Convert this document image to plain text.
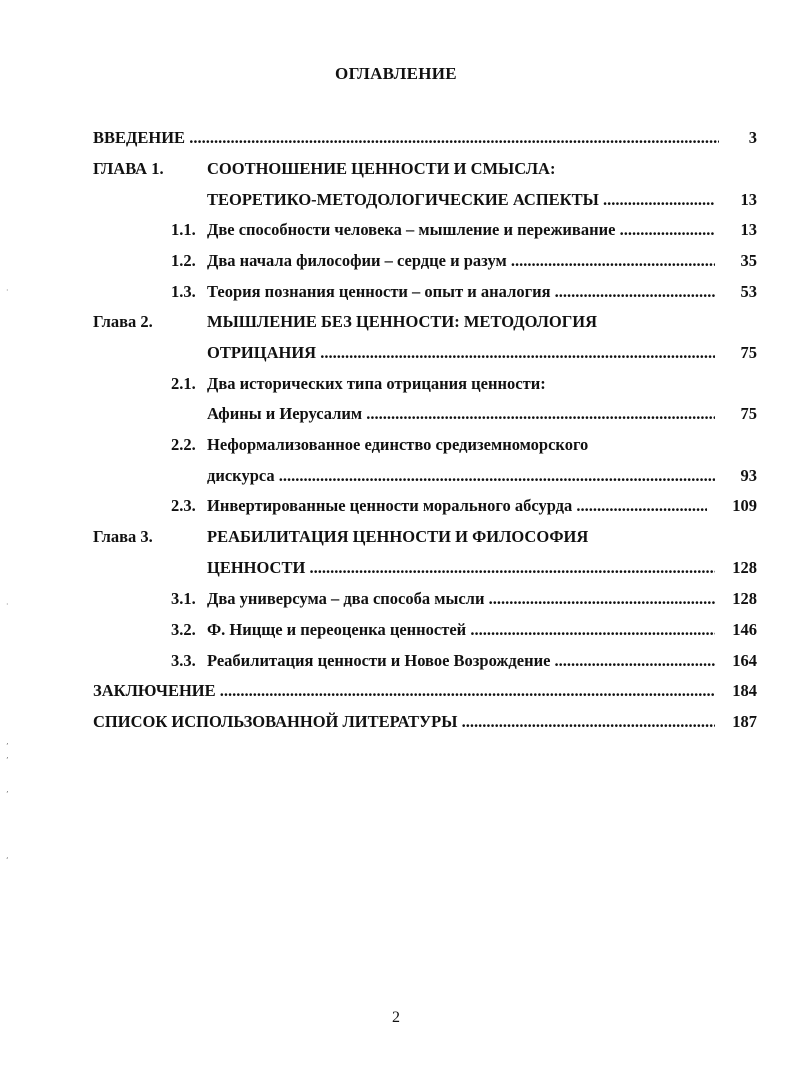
ОГЛАВЛЕНИЕ
ВВЕДЕНИЕ .....	3
ГЛАВА 1.	СООТНОШЕНИЕ ЦЕННОСТИ И СМЫСЛА:
ТЕОРЕТИКО-МЕТОДОЛОГИЧЕСКИЕ АСПЕКТЫ .....	13
1.1. Две способности человека – мышление и переживание .....	13
1.2. Два начала философии – сердце и разум .....	35
1.3. Теория познания ценности – опыт и аналогия .....	53
Глава 2.	МЫШЛЕНИЕ БЕЗ ЦЕННОСТИ: МЕТОДОЛОГИЯ
ОТРИЦАНИЯ .....	75
2.1. Два исторических типа отрицания ценности:
Афины и Иерусалим .....	75
2.2. Неформализованное единство средиземноморского
дискурса .....	93
2.3. Инвертированные ценности морального абсурда .....	109
Глава 3.	РЕАБИЛИТАЦИЯ ЦЕННОСТИ И ФИЛОСОФИЯ
ЦЕННОСТИ .....	128
3.1. Два универсума – два способа мысли .....	128
3.2. Ф. Ницще и переоценка ценностей .....	146
3.3. Реабилитация ценности и Новое Возрождение .....	164
ЗАКЛЮЧЕНИЕ .....	184
СПИСОК ИСПОЛЬЗОВАННОЙ ЛИТЕРАТУРЫ .....	187
·
·
’
’
’
‘
2
